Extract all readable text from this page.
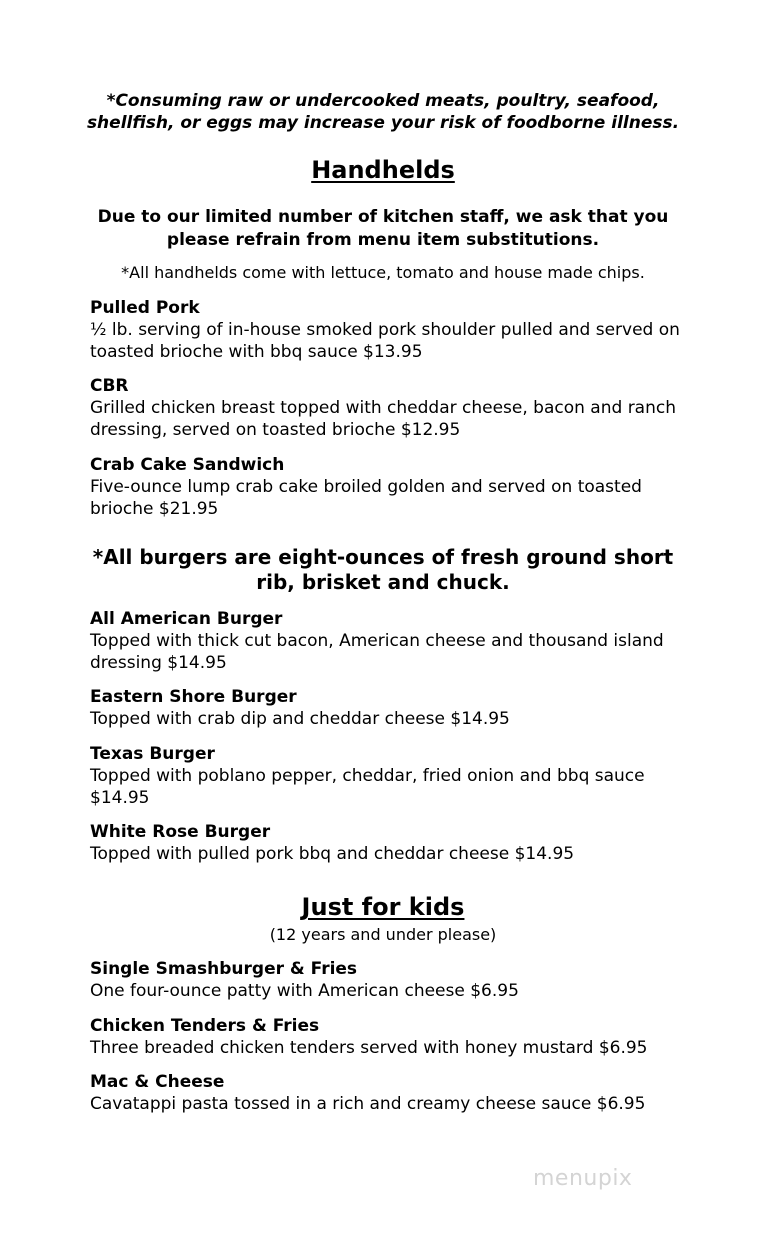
*Consuming raw or undercooked meats, poultry, seafood, shellfish, or eggs may increase your risk of foodborne illness.
Handhelds
Due to our limited number of kitchen staff, we ask that you please refrain from menu item substitutions.
*All handhelds come with lettuce, tomato and house made chips.
Pulled Pork
½ lb. serving of in-house smoked pork shoulder pulled and served on toasted brioche with bbq sauce $13.95
CBR
Grilled chicken breast topped with cheddar cheese, bacon and ranch dressing, served on toasted brioche $12.95
Crab Cake Sandwich
Five-ounce lump crab cake broiled golden and served on toasted brioche $21.95
*All burgers are eight-ounces of fresh ground short rib, brisket and chuck.
All American Burger
Topped with thick cut bacon, American cheese and thousand island dressing $14.95
Eastern Shore Burger
Topped with crab dip and cheddar cheese $14.95
Texas Burger
Topped with poblano pepper, cheddar, fried onion and bbq sauce $14.95
White Rose Burger
Topped with pulled pork bbq and cheddar cheese $14.95
Just for kids
(12 years and under please)
Single Smashburger & Fries
One four-ounce patty with American cheese $6.95
Chicken Tenders & Fries
Three breaded chicken tenders served with honey mustard $6.95
Mac & Cheese
Cavatappi pasta tossed in a rich and creamy cheese sauce $6.95
menupix
